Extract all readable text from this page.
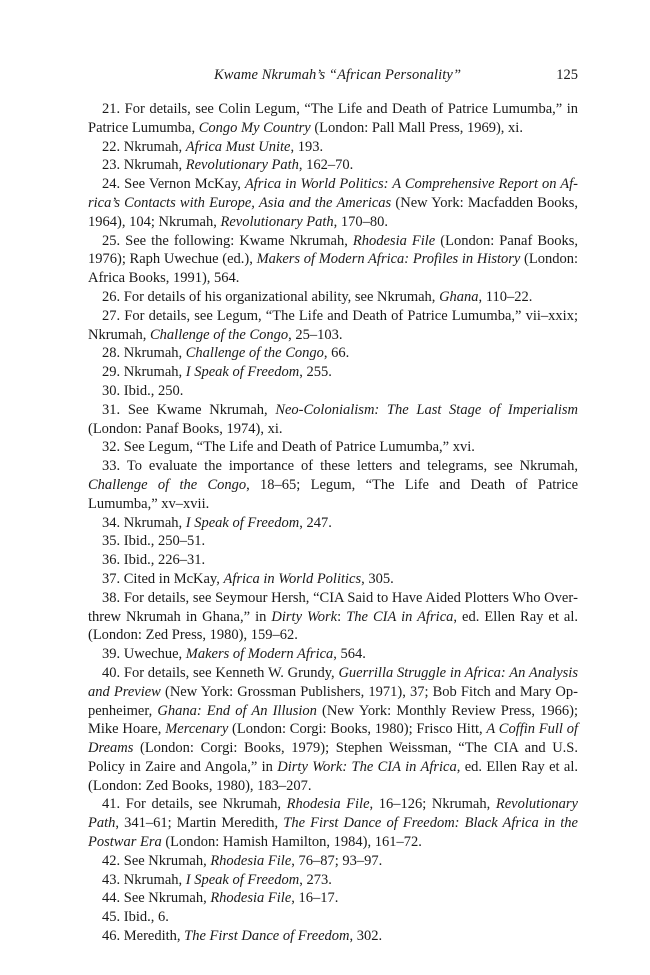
Kwame Nkrumah’s “African Personality”	125

21. For details, see Colin Legum, “The Life and Death of Patrice Lumumba,” in Patrice Lumumba, Congo My Country (London: Pall Mall Press, 1969), xi.

22. Nkrumah, Africa Must Unite, 193.

23. Nkrumah, Revolutionary Path, 162–70.

24. See Vernon McKay, Africa in World Politics: A Comprehensive Report on Africa’s Contacts with Europe, Asia and the Americas (New York: Macfadden Books, 1964), 104; Nkrumah, Revolutionary Path, 170–80.

25. See the following: Kwame Nkrumah, Rhodesia File (London: Panaf Books, 1976); Raph Uwechue (ed.), Makers of Modern Africa: Profiles in History (London: Africa Books, 1991), 564.

26. For details of his organizational ability, see Nkrumah, Ghana, 110–22.

27. For details, see Legum, “The Life and Death of Patrice Lumumba,” vii–xxix; Nkrumah, Challenge of the Congo, 25–103.

28. Nkrumah, Challenge of the Congo, 66.

29. Nkrumah, I Speak of Freedom, 255.

30. Ibid., 250.

31. See Kwame Nkrumah, Neo-Colonialism: The Last Stage of Imperialism (London: Panaf Books, 1974), xi.

32. See Legum, “The Life and Death of Patrice Lumumba,” xvi.

33. To evaluate the importance of these letters and telegrams, see Nkrumah, Challenge of the Congo, 18–65; Legum, “The Life and Death of Patrice Lumumba,” xv–xvii.

34. Nkrumah, I Speak of Freedom, 247.

35. Ibid., 250–51.

36. Ibid., 226–31.

37. Cited in McKay, Africa in World Politics, 305.

38. For details, see Seymour Hersh, “CIA Said to Have Aided Plotters Who Overthrew Nkrumah in Ghana,” in Dirty Work: The CIA in Africa, ed. Ellen Ray et al. (London: Zed Press, 1980), 159–62.

39. Uwechue, Makers of Modern Africa, 564.

40. For details, see Kenneth W. Grundy, Guerrilla Struggle in Africa: An Analysis and Preview (New York: Grossman Publishers, 1971), 37; Bob Fitch and Mary Oppenheimer, Ghana: End of An Illusion (New York: Monthly Review Press, 1966); Mike Hoare, Mercenary (London: Corgi: Books, 1980); Frisco Hitt, A Coffin Full of Dreams (London: Corgi: Books, 1979); Stephen Weissman, “The CIA and U.S. Policy in Zaire and Angola,” in Dirty Work: The CIA in Africa, ed. Ellen Ray et al. (London: Zed Books, 1980), 183–207.

41. For details, see Nkrumah, Rhodesia File, 16–126; Nkrumah, Revolutionary Path, 341–61; Martin Meredith, The First Dance of Freedom: Black Africa in the Postwar Era (London: Hamish Hamilton, 1984), 161–72.

42. See Nkrumah, Rhodesia File, 76–87; 93–97.

43. Nkrumah, I Speak of Freedom, 273.

44. See Nkrumah, Rhodesia File, 16–17.

45. Ibid., 6.

46. Meredith, The First Dance of Freedom, 302.
